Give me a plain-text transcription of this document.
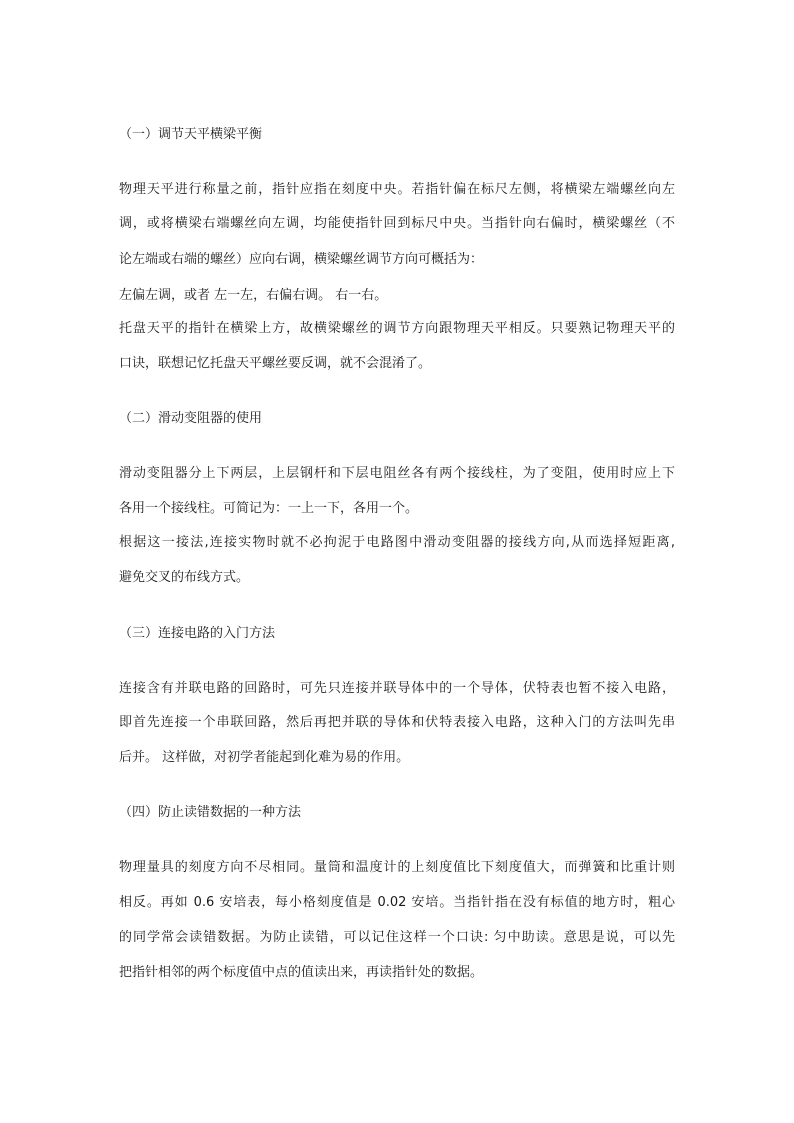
（一）调节天平横梁平衡
物理天平进行称量之前，指针应指在刻度中央。若指针偏在标尺左侧，将横梁左端螺丝向左
调，或将横梁右端螺丝向左调，均能使指针回到标尺中央。当指针向右偏时，横梁螺丝（不
论左端或右端的螺丝）应向右调，横梁螺丝调节方向可概括为：
左偏左调，或者 左一左，右偏右调。 右一右。
托盘天平的指针在横梁上方，故横梁螺丝的调节方向跟物理天平相反。只要熟记物理天平的
口诀，联想记忆托盘天平螺丝要反调，就不会混淆了。
（二）滑动变阻器的使用
滑动变阻器分上下两层，上层钢杆和下层电阻丝各有两个接线柱，为了变阻，使用时应上下
各用一个接线柱。可简记为：一上一下，各用一个。
根据这一接法,连接实物时就不必拘泥于电路图中滑动变阻器的接线方向,从而选择短距离,
避免交叉的布线方式。
（三）连接电路的入门方法
连接含有并联电路的回路时，可先只连接并联导体中的一个导体，伏特表也暂不接入电路，
即首先连接一个串联回路，然后再把并联的导体和伏特表接入电路，这种入门的方法叫先串
后并。 这样做，对初学者能起到化难为易的作用。
（四）防止读错数据的一种方法
物理量具的刻度方向不尽相同。量筒和温度计的上刻度值比下刻度值大，而弹簧和比重计则
相反。再如 0.6 安培表，每小格刻度值是 0.02 安培。当指针指在没有标值的地方时，粗心
的同学常会读错数据。为防止读错，可以记住这样一个口诀: 匀中助读。意思是说，可以先
把指针相邻的两个标度值中点的值读出来，再读指针处的数据。
